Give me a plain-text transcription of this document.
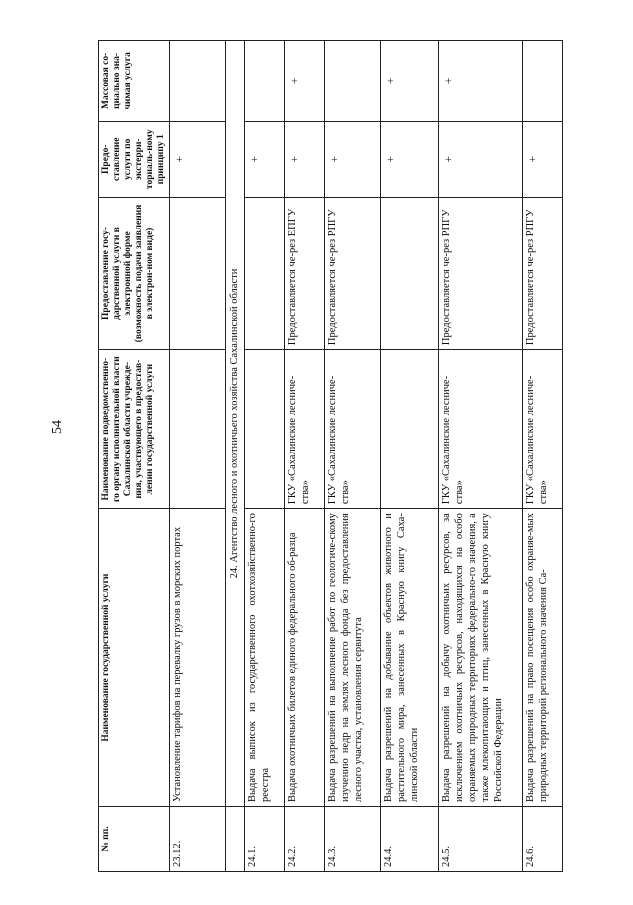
54
№ пп.	Наименование государственной услуги	Наименование подведомственно-го органу исполнительной власти Сахалинской области учрежде-ния, участвующего в предостав-лении государственной услуги	Предоставление госу-дарственной услуги в электронной форме (возможность подачи заявления в электрон-ном виде)	Предо-ставление услуги по экстерри-ториаль-ному принципу 1	Массовая со-циально зна-чимая услуга
23.12.	Установление тарифов на перевалку грузов в морских портах			+	
	24. Агентство лесного и охотничьего хозяйства Сахалинской области				
24.1.	Выдача выписок из государственного охотхозяйственно-го реестра			+	
24.2.	Выдача охотничьих билетов единого федерального об-разца	ГКУ «Сахалинские лесниче-ства»	Предоставляется че-рез ЕПГУ	+	+
24.3.	Выдача разрешений на выполнение работ по геологиче-скому изучению недр на землях лесного фонда без предоставления лесного участка, установления сервитута	ГКУ «Сахалинские лесниче-ства»	Предоставляется че-рез РПГУ	+	
24.4.	Выдача разрешений на добывание объектов животного и растительного мира, занесенных в Красную книгу Саха-линской области			+	+
24.5.	Выдача разрешений на добычу охотничьих ресурсов, за исключением охотничьих ресурсов, находящихся на особо охраняемых природных территориях федерально-го значения, а также млекопитающих и птиц, занесенных в Красную книгу Российской Федерации	ГКУ «Сахалинские лесниче-ства»	Предоставляется че-рез РПГУ	+	+
24.6.	Выдача разрешений на право посещения особо охраняе-мых природных территорий регионального значения Са-	ГКУ «Сахалинские лесниче-ства»	Предоставляется че-рез РПГУ	+	
